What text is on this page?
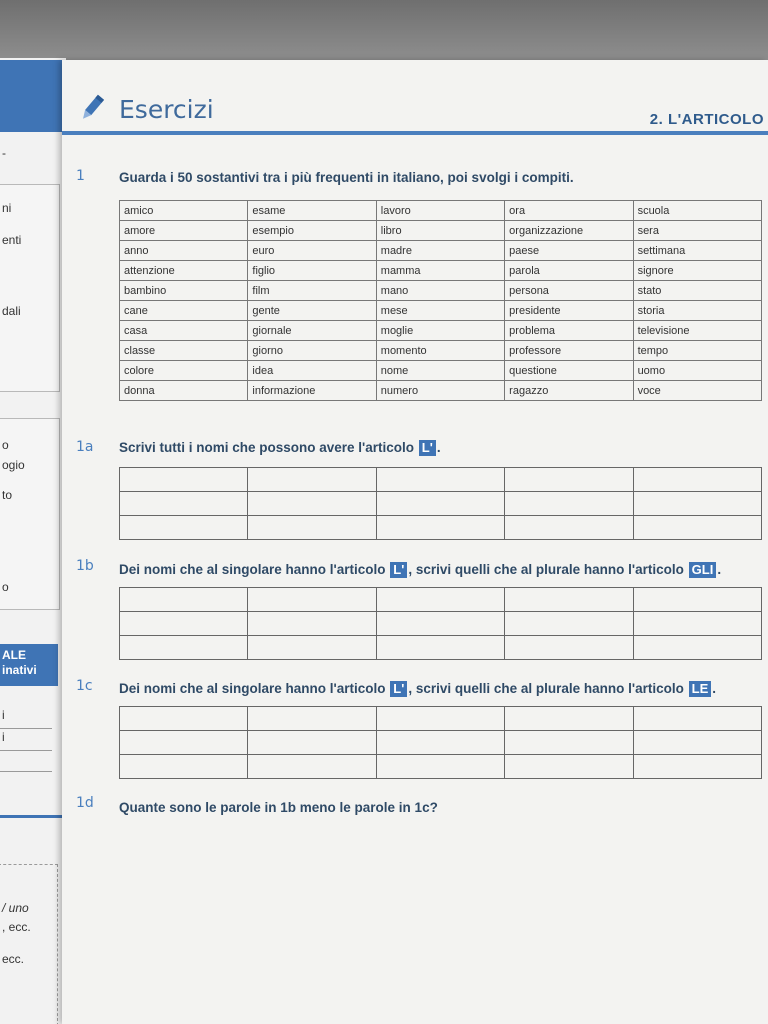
-
ni
enti
dali
o
ogio
to
o
ALE
inativi
i
i
/ uno
, ecc.
ecc.
Esercizi	2. L'ARTICOLO
1	Guarda i 50 sostantivi tra i più frequenti in italiano, poi svolgi i compiti.
amico	esame	lavoro	ora	scuola
amore	esempio	libro	organizzazione	sera
anno	euro	madre	paese	settimana
attenzione	figlio	mamma	parola	signore
bambino	film	mano	persona	stato
cane	gente	mese	presidente	storia
casa	giornale	moglie	problema	televisione
classe	giorno	momento	professore	tempo
colore	idea	nome	questione	uomo
donna	informazione	numero	ragazzo	voce
1a Scrivi tutti i nomi che possono avere l'articolo L' .

1b Dei nomi che al singolare hanno l'articolo L' , scrivi quelli che al plurale hanno l'articolo GLI .

1c Dei nomi che al singolare hanno l'articolo L' , scrivi quelli che al plurale hanno l'articolo LE .

1d Quante sono le parole in 1b meno le parole in 1c?
